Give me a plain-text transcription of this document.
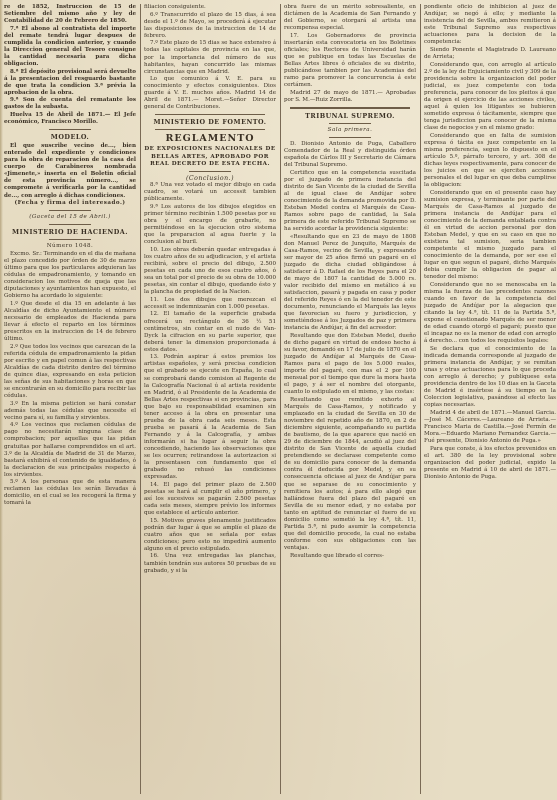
re de 1852, Instruccion de 15 de Setiembre del mismo año y ley de Contabilidad de 20 de Febrero de 1850.

7.ª El abono al contratista del importe del remate tendrá lugar despues de cumplida la condicion anterior, y cuando la Direccion general del Tesoro consigne la cantidad necesaria para dicha obligacion.

8.ª El depósito provisional será devuelto á la presentacion del resguardo bastante de que trata la condicion 3.ª prévia la aprobacion de la obra.

9.ª Son de cuenta del rematante los gastos de la subasta.

Huelva 15 de Abril de 1871.— El Jefe económico, Francisco Morillo.

MODELO.

El que suscribe vecino de..., bien enterado del expediente y condiciones para la obra de reparacion de la casa del cuerpo de Carabineros nombrada «Jimenete,» inserta en el Boletin oficial de esta provincia número..., se compromete á verificarla por la cantidad de..., con arreglo á dichas condiciones.

(Fecha y firma del interesado.)

(Gaceta del 15 de Abril.)

MINISTERIO DE HACIENDA.

Número 1048.

Excmo. Sr.: Terminando en el dia de mañana el plazo concedido por órden de 30 de marzo último para que los particulares adquieran las cédulas de empadronamiento, y tomando en consideracion los motivos de queja que las diputaciones y ayuntamientos han expuesto, el Gobierno ha acordado lo siguiente:

1.º Que desde el dia 15 en adelante á las Alcaldías de dicho Ayuntamiento el número necesario de empleados de Hacienda para llevar á efecto el reparto en los términos prescritos en la instruccion de 14 de febrero último.

2.º Que todos los vecinos que carezcan de la referida cédula de empadronamiento la pidan por escrito y en papel comun á las respectivas Alcaldías de cada distrito dentro del término de quince dias, expresando en esta peticion las señas de sus habitaciones y horas en que se encontrarán en su domicilio para recibir las cédulas.

3.º En la misma peticion se hará constar además todas las cédulas que necesite el vecino para sí, su familia y sirvientes.

4.º Los vecinos que reclamen cédulas de pago no necesitarán ninguna clase de comprobacion; por aquellas que las pidan gratuitas por hallarse comprendidos en el art. 3.º de la Alcaldía de Madrid de 31 de Marzo, bastará exhibirá el contenido de igualdades, ó la declaracion de sus principales respecto á los sirvientes.

5.º A los personas que de esta manera reclamen las cédulas les serán llevadas á domicilio, en el cual se les recogerá la firma y tomará la

filiacion consiguiente.

6.º Transcurrido el plazo de 15 dias, á sea desde el 1.º de Mayo, se procederá á ejecutar las disposiciones de la instruccion de 14 de febrero.

7.º Este plazo de 15 dias se hace extensivo á todas las capitales de provincia en las que, por la importancia del número de sus habitantes, hayan concurrido las mismas circunstancias que en Madrid.

Lo que comunico á V. E. para su conocimiento y efectos consiguientes. Dios guarde á V. E. muchos años. Madrid 14 de Abril de 1871.— Moret.—Señor Director general de Contribuciones.

MINISTERIO DE FOMENTO.

REGLAMENTO

DE EXPOSICIONES NACIONALES DE BELLAS ARTES, APROBADO POR REAL DECRETO DE ESTA FECHA.

(Conclusion.)

8.ª Una vez votado el mejor dibujo en cada cuadro, se votará un accessit tambien públicamente.

9.ª Los autores de los dibujos elegidos en primer término recibirán 1.500 pesetas por su obra y el encargo de grabarle, no permitiéndose en la ejecucion otro sistema que la preparacion al agua fuerte y la conclusion al buril.

10. Los obras deberán quedar entregadas á los cuatro años de su adjudicacion, y el artista recibirá, sobre el precio del dibujo, 2.500 pesetas en cada uno de esos cuatro años, ó sea un total por el precio de su obra de 10.000 pesetas, sin contar el dibujo, quedando ésto y la plancha de propiedad de la Nacion.

11. Los dos dibujos que merezcan el accessit se indemnizarán con 1.000 pesetas.

12. El tamaño de la superficie grabada ofrecerá un rectángulo de 36 ½ 51 centímetros, sin contar en el nudo de Van-Dyck la cifracion en su parte superior, que deberá tener la dimension proporcionada á estos datos.

13. Podrán aspirar á estos premios los artistas españoles, y será precisa condicion que el grabado se ejecute en España, lo cual se comprobará dando comision al Regente de la Calcografía Nacional ú al artista residente en Madrid, ó al Presidente de la Academia de Bellas Artes respectivas si en provincias, para que bajo su responsabilidad examinen sin tener acceso á la obra en presentar una prueba de la obra cada seis meses. Esta prueba se pasará á la Academia de San Fernando y á la Calcografía, y ambas informarán si ha lugar á seguir la obra concediendo, haciendo las observaciones que se les ocurren; retirandose la autorizacion si la presentasen con fundamento que el grabado no rehusó las condiciones expresadas.

14. El pago del primer plazo de 2.500 pesetas se hará al cumplir el año primero, y así los sucesivos se pagarán 2.500 pesetas cada seis meses, siempre prévio los informes que establece el artículo anterior.

15. Motivos graves plenamente justificados podrán dar lugar á que se amplíe el plazo de cuatro años que se señala por estas condiciones; pero esto no impedirá aumento alguno en el precio estipulado.

16. Una vez entregadas las planchas, también tendrán sus autores 50 pruebas de su grabado, y si la

obra fuere de un mérito sobresaliente, en dictámen de la Academia de San Fernando y del Gobierno, se otorgará al artista una recompensa especial.

17. Los Gobernadores de provincia insertarán esta convocatoria en los Boletines oficiales; los Rectores de Universidad harán que se publique en todas las Escuelas de Bellas Artes libres ó oficiales de su distrito, publicándose tambien por las Academias del ramo para promover la concurrencia á este certámen.

Madrid 27 de mayo de 1871.— Aprobadas por S. M.—Ruiz Zorrilla.

TRIBUNAL SUPREMO.

Sala primera.

D. Dionisio Antonio de Puga, Caballero Comendador de la Real y distinguida órden española de Cárlos III y Secretario de Cámara del Tribunal Supremo.

Certifico que en la competencia suscitada por el juzgado de primera instancia del distrito de San Vicente de la ciudad de Sevilla al de igual clase de Andújar sobre conocimiento de la demanda promovida por D. Esteban Medel contra el Marqués de Casa-Ramos sobre pago de cantidad, la Sala primera de este referido Tribunal Supremo se ha servido acordar la providencia siguiente:

«Resultando que en 23 de mayo de 1808 don Manuel Perez de Junquito, Marqués de Casa-Ramos, vecino de Sevilla, y expresando ser mayor de 25 años firmó un pagaré en el juzgado de dicha ciudad obligándose á satisfacer á D. Rafael de los Reyes para el 20 de mayo de 1807 la cantidad de 5.000 rs. valor recibido del mismo en metálico á su satisfaccion, pasará y pagada en casa y poder del referido Reyes ó en la del tenedor de este documento, renunciando el Marqués las leyes que favorecian su fuero y jurisdiccion, y sometiéndose á los Juzgados de paz y primera instancia de Andújar, á fin del acreedor:

Resultando que don Esteban Medel, dueño de dicho pagaré en virtud de endoso hecho á su favor, demandó en 17 de julio de 1870 en el juzgado de Andújar al Marqués de Casa-Ramos para el pago de los 5.000 reales, importe del pagaré, con mas el 2 por 100 mensual por el tiempo que dure la mora hasta el pago, y á ser el nombre del otorgante, cuanto lo estipulado en el mismo, y las costas:

Resultando que remitido exhorto al Marqués de Casa-Ramos, y notificado y emplazado en la ciudad de Sevilla en 30 de noviembre del repetido año de 1870, en 2 de diciembre siguiente, acompañando su partida de bautismo, de la que aparece que nació en 29 de diciembre de 1844, acudió al juez del distrito de San Vicente de aquella ciudad pretendiendo se declarase competente como de su domicilio para conocer de la demanda contra él deducida por Medel, y en su consecuencia oficiase al juez de Andújar para que se separase de su conocimiento y remitiera los autos; á para ello alegó que hallándose fuera del plazo del pagaré en Sevilla de su menor edad, y no estaba por tanto en aptitud de renunciar el fuero de su domicilio como sometió la ley 4.ª, tít. 11, Partida 5.ª, ni pudo asumir la competencia que del domicilio procede, la cual no estaba conforme con sus obligaciones con las ventajas.

Resultando que librado el corres-

pondiente oficio de inhibicion al juez de Andújar, se negó á ello; y mediante la insistencia del de Sevilla, ambos remitieron á este Tribunal Supremo sus respectivas actuaciones para la decision de la competencia:

Siendo Ponente el Magistrado D. Laureano de Arrieta;

Considerando que, con arreglo al artículo 2.º de la ley de Enjuiciamiento civil y 309 de la providencia sobre la organizacion del poder judicial, es juez competente con toda preferencia, para conocer de los pleitos á que da origen el ejercicio de las acciones civiles, aquel á quien los litigantes se hubieren sometido expresa ó tácitamente, siempre que tenga jurisdiccion para conocer de la misma clase de negocios y en el mismo grado:

Considerando que en falta de sumision expresa ó tácita es juez competente en la misma preferencia, segun lo dispuesto en el artículo 5.º, párrafo tercero, y art. 308 de dichas leyes respectivamente, para conocer de los juicios en que se ejerciten acciones personales el del lugar en que deba cumplirse la obligacion:

Considerando que en el presente caso hay sumision expresa, y terminante por parte del Marqués de Casa-Ramos al juzgado de primera instancia de Andújar para el conocimiento de la demanda entablada contra él en virtud de accion personal por don Esteban Medel, y que en su caso en que no existiera tal sumision, seria tambien competente el mismo juzgado para el conocimiento de la demanda, por ser ese el lugar en que segun el pagaré, dicho Marqués debia cumplir la obligacion de pagar al tenedor del mismo:

Considerando que no se menoscaba en la misma la fuerza de las precedentes razones cuando en favor de la competencia del juzgado de Andújar por la alegacion que citando la ley 4.ª, tít. 11 de la Partida 5.ª, expone el cuestionado Marqués de ser menor de edad cuando otorgó el pagaré; puesto que el incapaz no es la menor de edad con arreglo á derecho... con todos los requisitos legales:

Se declara que el conocimiento de la indicada demanda corresponde al juzgado de primera instancia de Andújar, y se remitan unas y otras actuaciones para lo que proceda con arreglo á derecho; y publíquese esta providencia dentro de los 10 dias en la Gaceta de Madrid é insértese á su tiempo en la Coleccion legislativa, pasándose al efecto las copias necesarias.

Madrid 4 de abril de 1871.—Manuel Garcia.—José M. Cáceres.—Laureano de Arrieta.—Francisco Maria de Castilla.—José Fermín de Mora.—Eduardo Mariano Fernandez Garcia.—Fué presente, Dionisio Antonio de Puga.»

Para que conste, á los efectos prevenidos en el art. 380 de la ley provisional sobre organizacion del poder judicial, expido la presente en Madrid á 10 de abril de 1871.—Dionisio Antonio de Puga.
